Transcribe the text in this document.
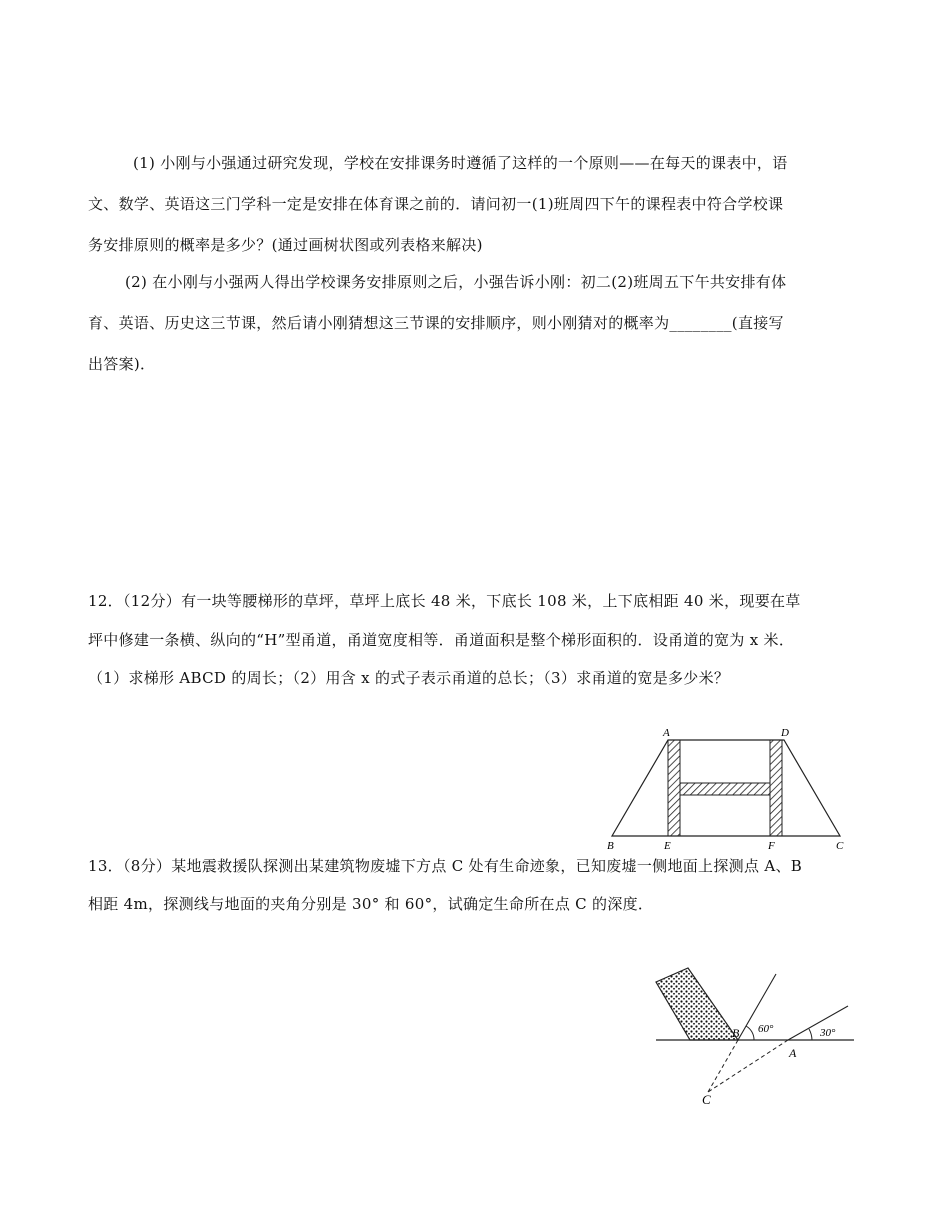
(1) 小刚与小强通过研究发现，学校在安排课务时遵循了这样的一个原则——在每天的课表中，语
文、数学、英语这三门学科一定是安排在体育课之前的．请问初一(1)班周四下午的课程表中符合学校课
务安排原则的概率是多少？(通过画树状图或列表格来解决)
(2) 在小刚与小强两人得出学校课务安排原则之后，小强告诉小刚：初二(2)班周五下午共安排有体
育、英语、历史这三节课，然后请小刚猜想这三节课的安排顺序，则小刚猜对的概率为________(直接写
出答案)．
12．（12分）有一块等腰梯形的草坪，草坪上底长 48 米，下底长 108 米，上下底相距 40 米，现要在草
坪中修建一条横、纵向的“H”型甬道，甬道宽度相等．甬道面积是整个梯形面积的．设甬道的宽为 x 米．
（1）求梯形 ABCD 的周长；（2）用含 x 的式子表示甬道的总长；（3）求甬道的宽是多少米？
A	D
B	E	F	C
13．（8分）某地震救援队探测出某建筑物废墟下方点 C 处有生命迹象，已知废墟一侧地面上探测点 A、B
相距 4m，探测线与地面的夹角分别是 30° 和 60°，试确定生命所在点 C 的深度．
B 60°
A
30°
C
